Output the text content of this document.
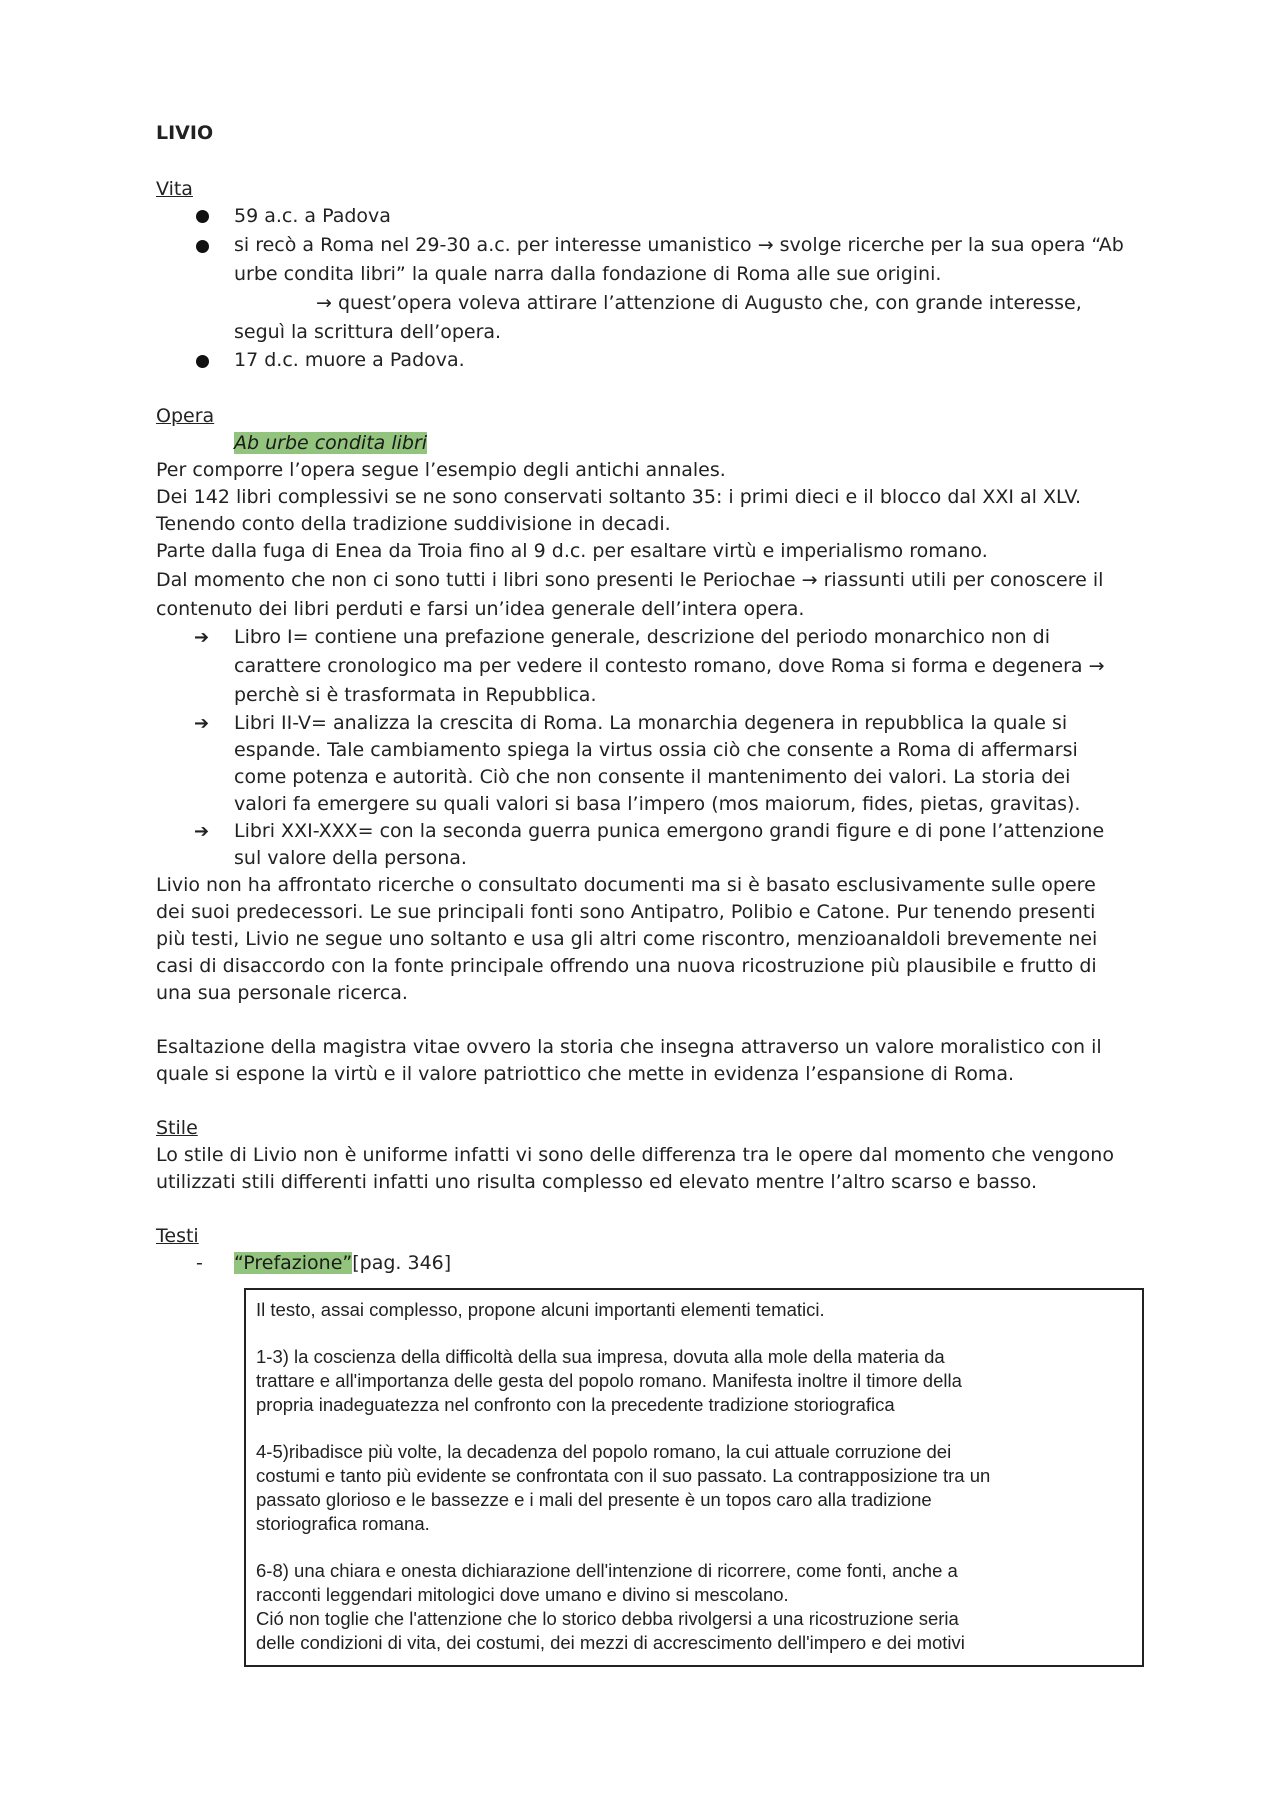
LIVIO
Vita
59 a.c. a Padova
si recò a Roma nel 29-30 a.c. per interesse umanistico → svolge ricerche per la sua opera “Ab
urbe condita libri” la quale narra dalla fondazione di Roma alle sue origini.
→ quest’opera voleva attirare l’attenzione di Augusto che, con grande interesse,
seguì la scrittura dell’opera.
17 d.c. muore a Padova.
Opera
Ab urbe condita libri
Per comporre l’opera segue l’esempio degli antichi annales.
Dei 142 libri complessivi se ne sono conservati soltanto 35: i primi dieci e il blocco dal XXI al XLV.
Tenendo conto della tradizione suddivisione in decadi.
Parte dalla fuga di Enea da Troia fino al 9 d.c. per esaltare virtù e imperialismo romano.
Dal momento che non ci sono tutti i libri sono presenti le Periochae → riassunti utili per conoscere il
contenuto dei libri perduti e farsi un’idea generale dell’intera opera.
➔ Libro I= contiene una prefazione generale, descrizione del periodo monarchico non di
carattere cronologico ma per vedere il contesto romano, dove Roma si forma e degenera →
perchè si è trasformata in Repubblica.
➔ Libri II-V= analizza la crescita di Roma. La monarchia degenera in repubblica la quale si
espande. Tale cambiamento spiega la virtus ossia ciò che consente a Roma di affermarsi
come potenza e autorità. Ciò che non consente il mantenimento dei valori. La storia dei
valori fa emergere su quali valori si basa l’impero (mos maiorum, fides, pietas, gravitas).
➔ Libri XXI-XXX= con la seconda guerra punica emergono grandi figure e di pone l’attenzione
sul valore della persona.
Livio non ha affrontato ricerche o consultato documenti ma si è basato esclusivamente sulle opere
dei suoi predecessori. Le sue principali fonti sono Antipatro, Polibio e Catone. Pur tenendo presenti
più testi, Livio ne segue uno soltanto e usa gli altri come riscontro, menzioanaldoli brevemente nei
casi di disaccordo con la fonte principale offrendo una nuova ricostruzione più plausibile e frutto di
una sua personale ricerca.
Esaltazione della magistra vitae ovvero la storia che insegna attraverso un valore moralistico con il
quale si espone la virtù e il valore patriottico che mette in evidenza l’espansione di Roma.
Stile
Lo stile di Livio non è uniforme infatti vi sono delle differenza tra le opere dal momento che vengono
utilizzati stili differenti infatti uno risulta complesso ed elevato mentre l’altro scarso e basso.
Testi
- “Prefazione”[pag. 346]
Il testo, assai complesso, propone alcuni importanti elementi tematici.
1-3) la coscienza della difficoltà della sua impresa, dovuta alla mole della materia da
trattare e all'importanza delle gesta del popolo romano. Manifesta inoltre il timore della
propria inadeguatezza nel confronto con la precedente tradizione storiografica
4-5)ribadisce più volte, la decadenza del popolo romano, la cui attuale corruzione dei
costumi e tanto più evidente se confrontata con il suo passato. La contrapposizione tra un
passato glorioso e le bassezze e i mali del presente è un topos caro alla tradizione
storiografica romana.
6-8) una chiara e onesta dichiarazione dell'intenzione di ricorrere, come fonti, anche a
racconti leggendari mitologici dove umano e divino si mescolano.
Ció non toglie che l'attenzione che lo storico debba rivolgersi a una ricostruzione seria
delle condizioni di vita, dei costumi, dei mezzi di accrescimento dell'impero e dei motivi
